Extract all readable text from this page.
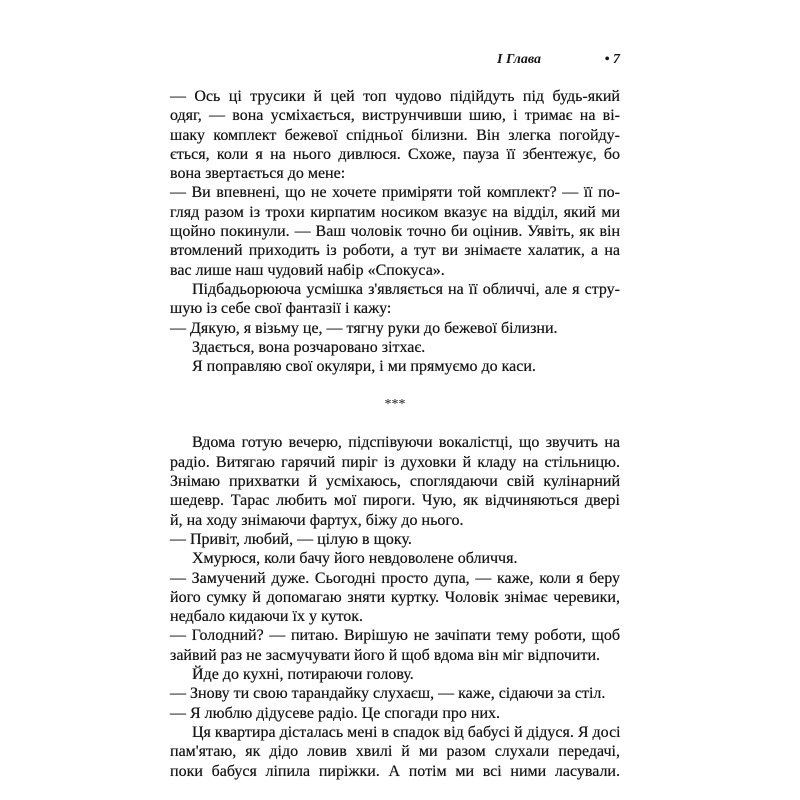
І Глава	• 7
— Ось ці трусики й цей топ чудово підійдуть під будь-який
одяг, — вона усміхається, виструнчивши шию, і тримає на ві-
шаку комплект бежевої спідньої білизни. Він злегка погойду-
ється, коли я на нього дивлюся. Схоже, пауза її збентежує, бо
вона звертається до мене:
— Ви впевнені, що не хочете приміряти той комплект? — її по-
гляд разом із трохи кирпатим носиком вказує на відділ, який ми
щойно покинули. — Ваш чоловік точно би оцінив. Уявіть, як він
втомлений приходить із роботи, а тут ви знімаєте халатик, а на
вас лише наш чудовий набір «Спокуса».
Підбадьорююча усмішка з'являється на її обличчі, але я стру-
шую із себе свої фантазії і кажу:
— Дякую, я візьму це, — тягну руки до бежевої білизни.
Здається, вона розчаровано зітхає.
Я поправляю свої окуляри, і ми прямуємо до каси.
***
Вдома готую вечерю, підспівуючи вокалістці, що звучить на
радіо. Витягаю гарячий пиріг із духовки й кладу на стільницю.
Знімаю прихватки й усміхаюсь, споглядаючи свій кулінарний
шедевр. Тарас любить мої пироги. Чую, як відчиняються двері
й, на ходу знімаючи фартух, біжу до нього.
— Привіт, любий, — цілую в щоку.
Хмурюся, коли бачу його невдоволене обличчя.
— Замучений дуже. Сьогодні просто дупа, — каже, коли я беру
його сумку й допомагаю зняти куртку. Чоловік знімає черевики,
недбало кидаючи їх у куток.
— Голодний? — питаю. Вирішую не зачіпати тему роботи, щоб
зайвий раз не засмучувати його й щоб вдома він міг відпочити.
Йде до кухні, потираючи голову.
— Знову ти свою тарандайку слухаєш, — каже, сідаючи за стіл.
— Я люблю дідусеве радіо. Це спогади про них.
Ця квартира дісталась мені в спадок від бабусі й дідуся. Я досі
пам'ятаю, як дідо ловив хвилі й ми разом слухали передачі,
поки бабуся ліпила пиріжки. А потім ми всі ними ласували.
